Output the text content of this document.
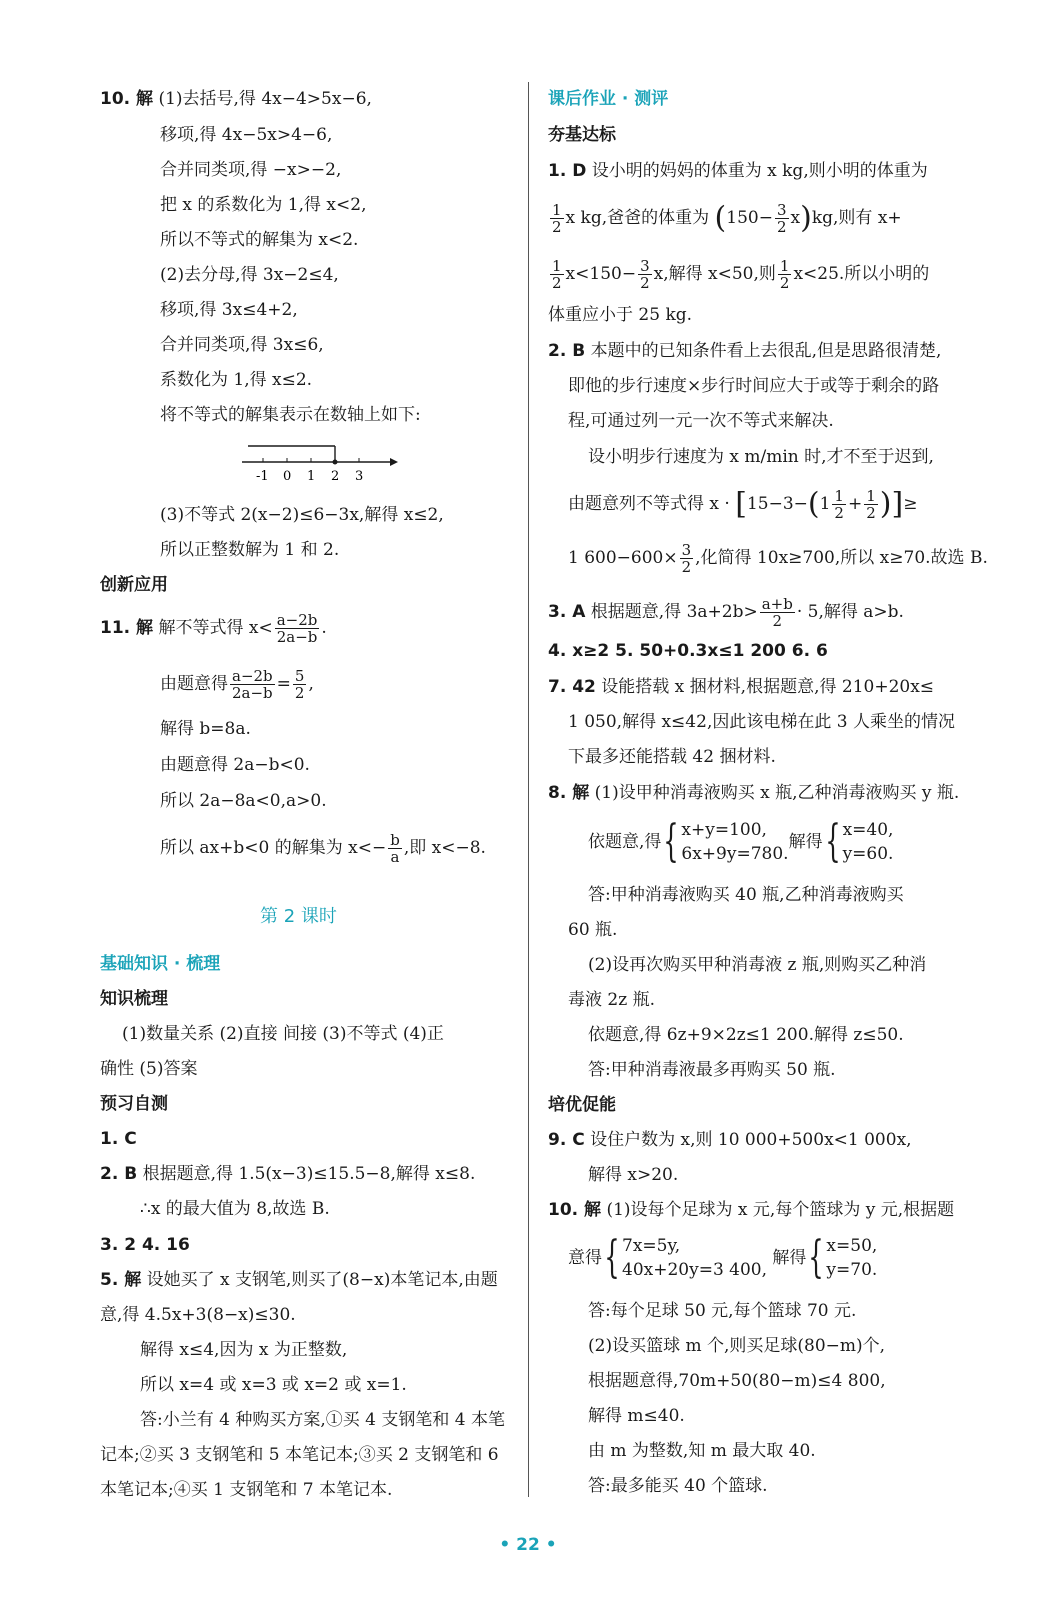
10. 解 (1)去括号,得 4x−4>5x−6,
移项,得 4x−5x>4−6,
合并同类项,得 −x>−2,
把 x 的系数化为 1,得 x<2,
所以不等式的解集为 x<2.
(2)去分母,得 3x−2≤4,
移项,得 3x≤4+2,
合并同类项,得 3x≤6,
系数化为 1,得 x≤2.
将不等式的解集表示在数轴上如下:
-1 0 1 2 3
(3)不等式 2(x−2)≤6−3x,解得 x≤2,
所以正整数解为 1 和 2.
创新应用
11. 解 解不等式得 $x< \frac{a-2b}{2a-b}$ .
由题意得 $\frac{a-2b}{2a-b} = \frac{5}{2}$ ,
解得 b=8a.
由题意得 2a−b<0.
所以 2a−8a<0,a>0.
所以 ax+b<0 的解集为 $x<- \frac{b}{a}$ ,即 x<−8.
第 2 课时
基础知识 · 梳理
知识梳理
(1)数量关系 (2)直接 间接 (3)不等式 (4)正
确性 (5)答案
预习自测
1. C
2. B 根据题意,得 1.5(x−3)≤15.5−8,解得 x≤8.
∴x 的最大值为 8,故选 B.
3. 2 4. 16
5. 解 设她买了 x 支钢笔,则买了(8−x)本笔记本,由题
意,得 4.5x+3(8−x)≤30.
解得 x≤4,因为 x 为正整数,
所以 x=4 或 x=3 或 x=2 或 x=1.
答:小兰有 4 种购买方案,①买 4 支钢笔和 4 本笔
记本;②买 3 支钢笔和 5 本笔记本;③买 2 支钢笔和 6
本笔记本;④买 1 支钢笔和 7 本笔记本.
课后作业 · 测评
夯基达标
1. D 设小明的妈妈的体重为 x kg,则小明的体重为
$\frac{1}{2}$ x kg,爸爸的体重为 $(150- \frac{3}{2} x)kg$,则有 x+
$\frac{1}{2} x<150- \frac{3}{2} x$,解得 x<50,则 $\frac{1}{2} x<25$.所以小明的
体重应小于 25 kg.
2. B 本题中的已知条件看上去很乱,但是思路很清楚,
即他的步行速度×步行时间应大于或等于剩余的路
程,可通过列一元一次不等式来解决.
设小明步行速度为 x m/min 时,才不至于迟到,
由题意列不等式得 $x \cdot [15-3-(1 \frac{1}{2} + \frac{1}{2}$ )]≥
1 $600-600\times \frac{3}{2}$ ,化简得 10x≥700,所以 x≥70.故选 B.
3. A 根据题意,得 $3a+2b> \frac{a+b}{2} \cdot 5$,解得 a>b.
4. x≥2 5. 50+0.3x≤1 200 6. 6
7. 42 设能搭载 x 捆材料,根据题意,得 210+20x≤
1 050,解得 x≤42,因此该电梯在此 3 人乘坐的情况
下最多还能搭载 42 捆材料.
8. 解 (1)设甲种消毒液购买 x 瓶,乙种消毒液购买 y 瓶.
依题意,得{ x+y=100,
6x+9y=780.
解得{ x=40,
y=60.
答:甲种消毒液购买 40 瓶,乙种消毒液购买
60 瓶.
(2)设再次购买甲种消毒液 z 瓶,则购买乙种消
毒液 2z 瓶.
依题意,得 6z+9×2z≤1 200.解得 z≤50.
答:甲种消毒液最多再购买 50 瓶.
培优促能
9. C 设住户数为 x,则 10 000+500x<1 000x,
解得 x>20.
10. 解 (1)设每个足球为 x 元,每个篮球为 y 元,根据题
意得{ 7x=5y,
40x+20y=3 400,
解得{ x=50,
y=70.
答:每个足球 50 元,每个篮球 70 元.
(2)设买篮球 m 个,则买足球(80−m)个,
根据题意得,70m+50(80−m)≤4 800,
解得 m≤40.
由 m 为整数,知 m 最大取 40.
答:最多能买 40 个篮球.
• 22 •
